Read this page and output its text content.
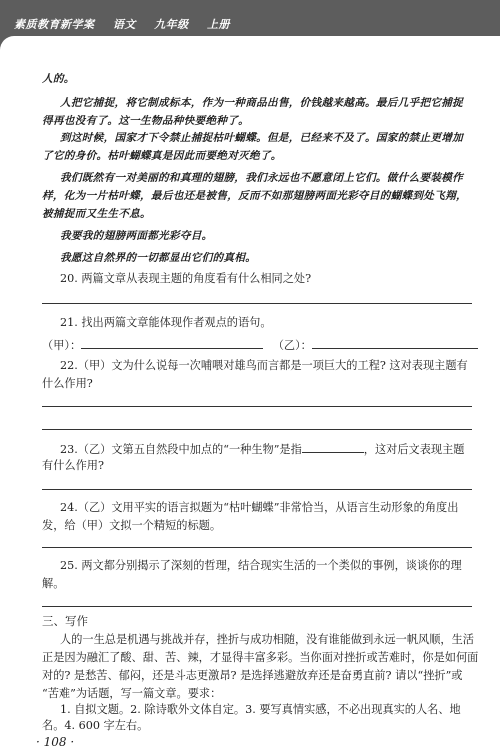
素质教育新学案 语文 九年级 上册

人的。

人把它捕捉，将它制成标本，作为一种商品出售，价钱越来越高。最后几乎把它捕捉

得再也没有了。这一生物品种快要绝种了。

到这时候，国家才下令禁止捕捉枯叶蝴蝶。但是，已经来不及了。国家的禁止更增加

了它的身价。枯叶蝴蝶真是因此而要绝对灭绝了。

我们既然有一对美丽的和真理的翅膀，我们永远也不愿意闭上它们。做什么要装模作

样，化为一片枯叶蝶，最后也还是被售，反而不如那翅膀两面光彩夺目的蝴蝶到处飞翔，

被捕捉而又生生不息。

我要我的翅膀两面都光彩夺目。

我愿这自然界的一切都显出它们的真相。

20. 两篇文章从表现主题的角度看有什么相同之处?

21. 找出两篇文章能体现作者观点的语句。

（甲）：	（乙）：

22.（甲）文为什么说每一次哺喂对雄鸟而言都是一项巨大的工程? 这对表现主题有

什么作用?

23.（乙）文第五自然段中加点的“一种生物”是指	，这对后文表现主题

有什么作用?

24.（乙）文用平实的语言拟题为“枯叶蝴蝶”非常恰当，从语言生动形象的角度出

发，给（甲）文拟一个精短的标题。

25. 两文都分别揭示了深刻的哲理，结合现实生活的一个类似的事例，谈谈你的理

解。

三、写作

人的一生总是机遇与挑战并存，挫折与成功相随，没有谁能做到永远一帆风顺，生活

正是因为融汇了酸、甜、苦、辣，才显得丰富多彩。当你面对挫折或苦难时，你是如何面

对的? 是愁苦、郁闷，还是斗志更激昂? 是选择逃避放弃还是奋勇直前? 请以“挫折”或

“苦难”为话题，写一篇文章。要求：

1. 自拟文题。2. 除诗歌外文体自定。3. 要写真情实感，不必出现真实的人名、地

名。4. 600 字左右。

· 108 ·
